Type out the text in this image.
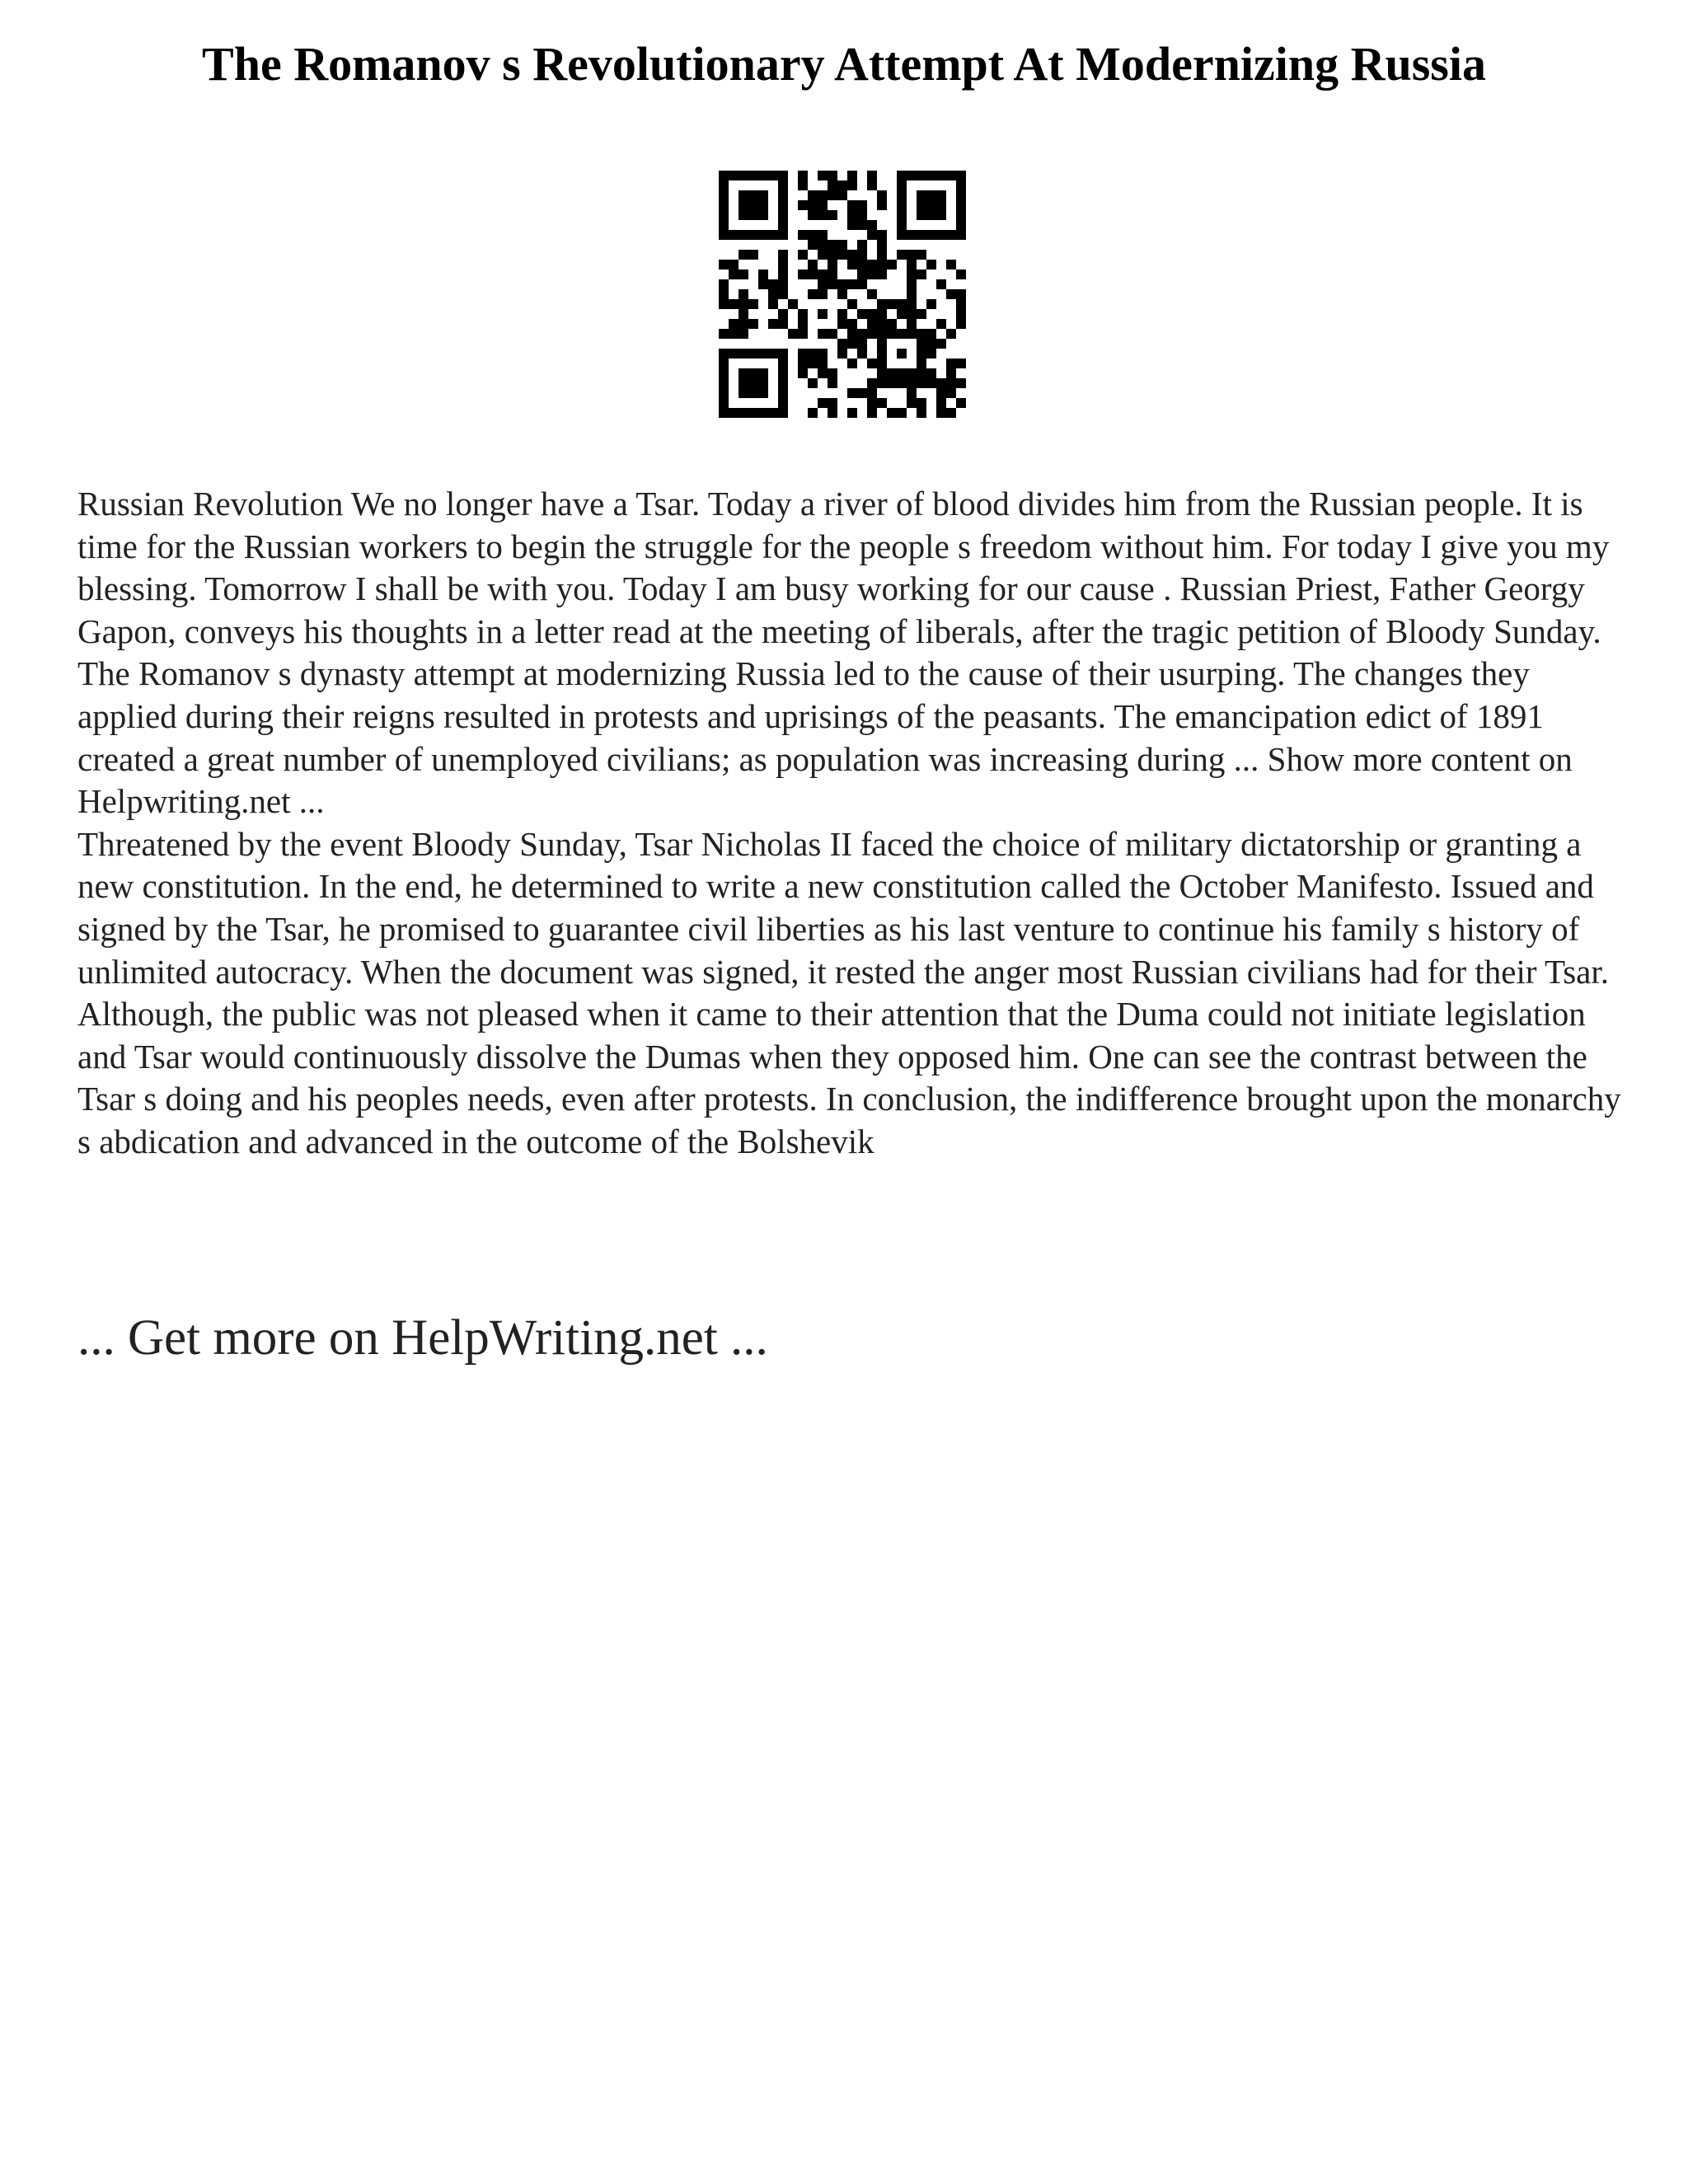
The Romanov s Revolutionary Attempt At Modernizing Russia

Russian Revolution We no longer have a Tsar. Today a river of blood divides him from the Russian people. It is time for the Russian workers to begin the struggle for the people s freedom without him. For today I give you my blessing. Tomorrow I shall be with you. Today I am busy working for our cause . Russian Priest, Father Georgy Gapon, conveys his thoughts in a letter read at the meeting of liberals, after the tragic petition of Bloody Sunday. The Romanov s dynasty attempt at modernizing Russia led to the cause of their usurping. The changes they applied during their reigns resulted in protests and uprisings of the peasants. The emancipation edict of 1891 created a great number of unemployed civilians; as population was increasing during ... Show more content on Helpwriting.net ...

Threatened by the event Bloody Sunday, Tsar Nicholas II faced the choice of military dictatorship or granting a new constitution. In the end, he determined to write a new constitution called the October Manifesto. Issued and signed by the Tsar, he promised to guarantee civil liberties as his last venture to continue his family s history of unlimited autocracy. When the document was signed, it rested the anger most Russian civilians had for their Tsar. Although, the public was not pleased when it came to their attention that the Duma could not initiate legislation and Tsar would continuously dissolve the Dumas when they opposed him. One can see the contrast between the Tsar s doing and his peoples needs, even after protests. In conclusion, the indifference brought upon the monarchy s abdication and advanced in the outcome of the Bolshevik

... Get more on HelpWriting.net ...
